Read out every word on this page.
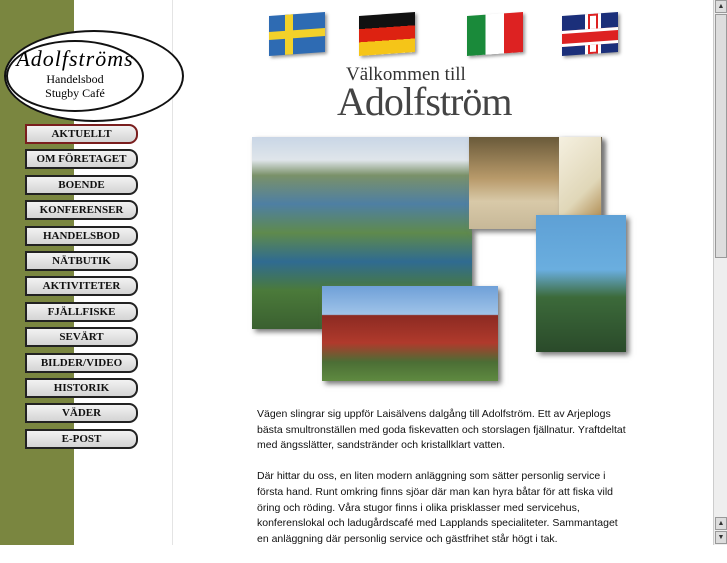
Adolfströms
Handelsbod
Stugby Café
AKTUELLT
OM FÖRETAGET
BOENDE
KONFERENSER
HANDELSBOD
NÄTBUTIK
AKTIVITETER
FJÄLLFISKE
SEVÄRT
BILDER/VIDEO
HISTORIK
VÄDER
E-POST
Välkommen till
Adolfström

Vägen slingrar sig uppför Laisälvens dalgång till Adolfström. Ett av Arjeplogs bästa smultronställen med goda fiskevatten och storslagen fjällnatur. Yraftdeltat med ängsslätter, sandstränder och kristallklart vatten.

Där hittar du oss, en liten modern anläggning som sätter personlig service i första hand. Runt omkring finns sjöar där man kan hyra båtar för att fiska vild öring och röding. Våra stugor finns i olika prisklasser med servicehus, konferenslokal och ladugårdscafé med Lapplands specialiteter. Sammantaget en anläggning där personlig service och gästfrihet står högt i tak.

▲
▲
▼
